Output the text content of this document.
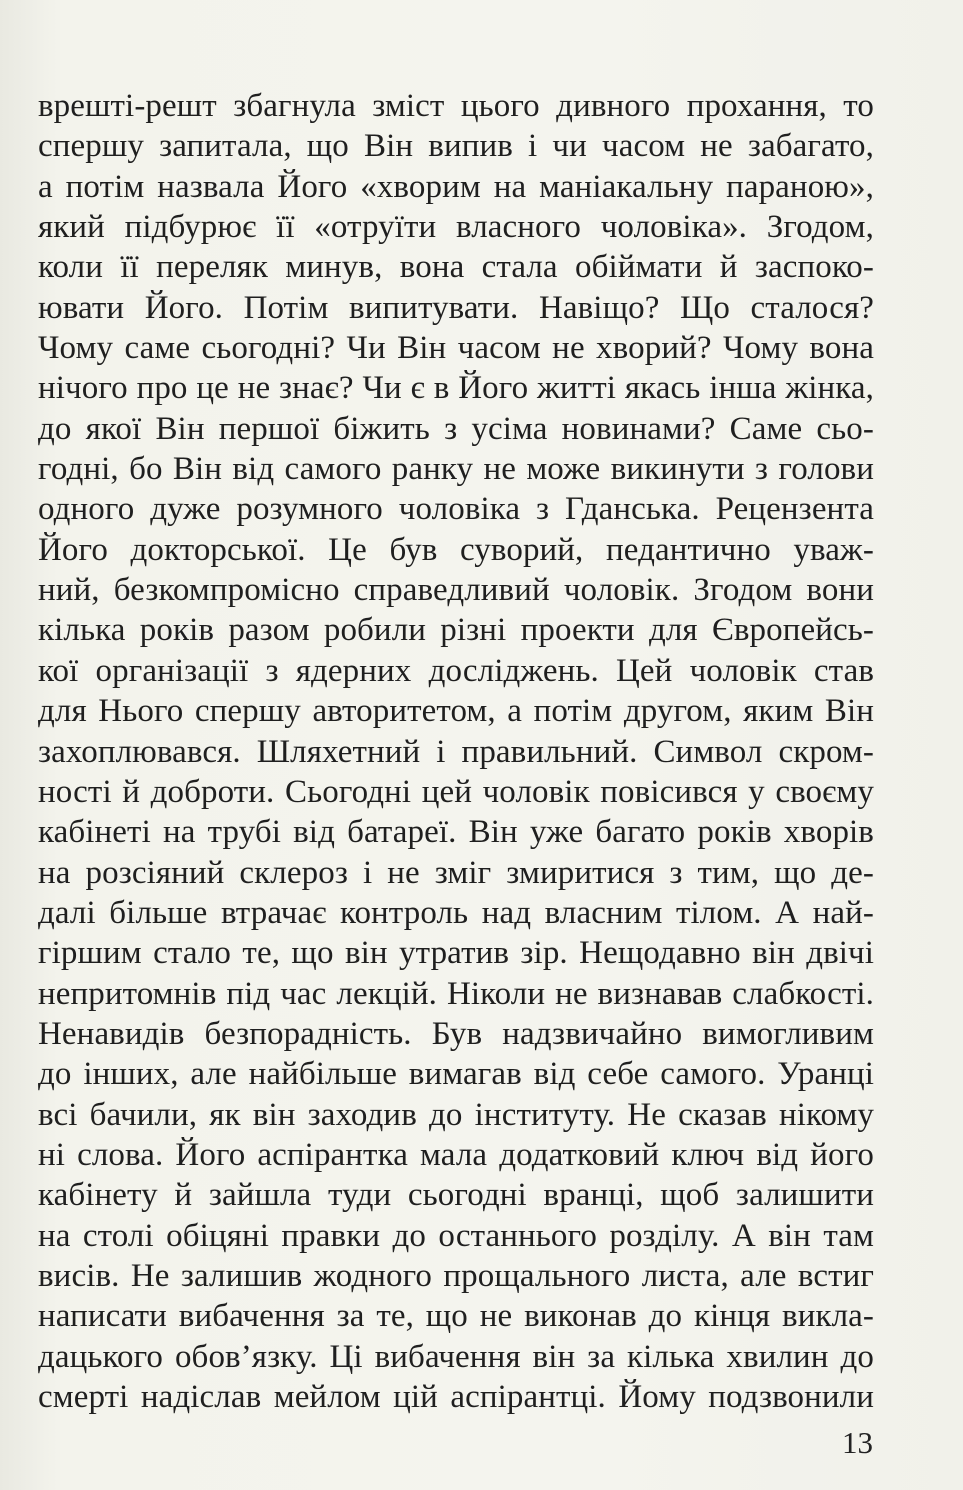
врешті-решт збагнула зміст цього дивного прохання, то
спершу запитала, що Він випив і чи часом не забагато,
а потім назвала Його «хворим на маніакальну параною»,
який підбурює її «отруїти власного чоловіка». Згодом,
коли її переляк минув, вона стала обіймати й заспоко-
ювати Його. Потім випитувати. Навіщо? Що сталося?
Чому саме сьогодні? Чи Він часом не хворий? Чому вона
нічого про це не знає? Чи є в Його житті якась інша жінка,
до якої Він першої біжить з усіма новинами? Саме сьо-
годні, бо Він від самого ранку не може викинути з голови
одного дуже розумного чоловіка з Гданська. Рецензента
Його докторської. Це був суворий, педантично уваж-
ний, безкомпромісно справедливий чоловік. Згодом вони
кілька років разом робили різні проекти для Європейсь-
кої організації з ядерних досліджень. Цей чоловік став
для Нього спершу авторитетом, а потім другом, яким Він
захоплювався. Шляхетний і правильний. Символ скром-
ності й доброти. Сьогодні цей чоловік повісився у своєму
кабінеті на трубі від батареї. Він уже багато років хворів
на розсіяний склероз і не зміг змиритися з тим, що де-
далі більше втрачає контроль над власним тілом. А най-
гіршим стало те, що він утратив зір. Нещодавно він двічі
непритомнів під час лекцій. Ніколи не визнавав слабкості.
Ненавидів безпорадність. Був надзвичайно вимогливим
до інших, але найбільше вимагав від себе самого. Уранці
всі бачили, як він заходив до інституту. Не сказав нікому
ні слова. Його аспірантка мала додатковий ключ від його
кабінету й зайшла туди сьогодні вранці, щоб залишити
на столі обіцяні правки до останнього розділу. А він там
висів. Не залишив жодного прощального листа, але встиг
написати вибачення за те, що не виконав до кінця викла-
дацького обов’язку. Ці вибачення він за кілька хвилин до
смерті надіслав мейлом цій аспірантці. Йому подзвонили
13
